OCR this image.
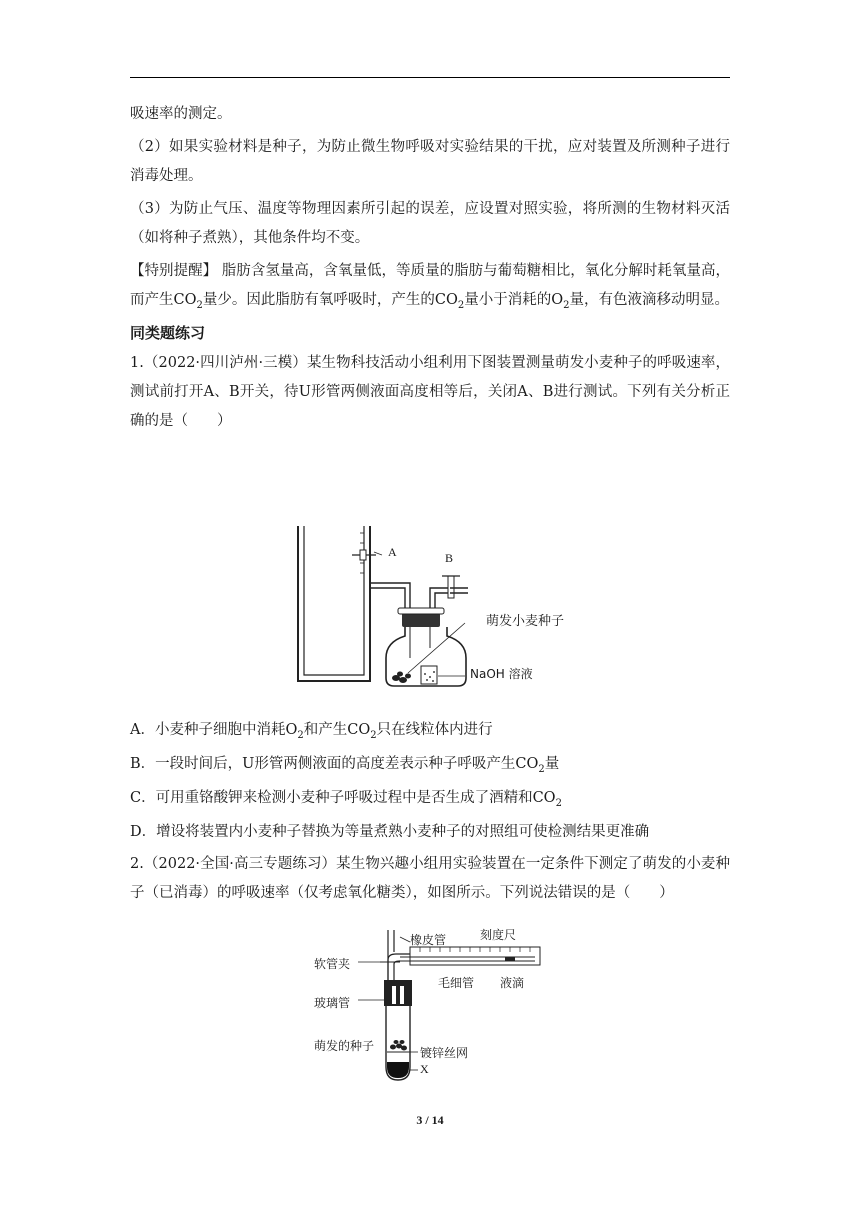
吸速率的测定。

（2）如果实验材料是种子，为防止微生物呼吸对实验结果的干扰，应对装置及所测种子进行消毒处理。

（3）为防止气压、温度等物理因素所引起的误差，应设置对照实验，将所测的生物材料灭活（如将种子煮熟），其他条件均不变。

【特别提醒】 脂肪含氢量高，含氧量低，等质量的脂肪与葡萄糖相比，氧化分解时耗氧量高，而产生$CO_2$量少。因此脂肪有氧呼吸时，产生的$CO_2$量小于消耗的$O_2$量，有色液滴移动明显。

同类题练习

1.（2022·四川泸州·三模）某生物科技活动小组利用下图装置测量萌发小麦种子的呼吸速率，测试前打开A、B开关，待U形管两侧液面高度相等后，关闭A、B进行测试。下列有关分析正确的是（　　）

A	B
萌发小麦种子
NaOH 溶液
A．小麦种子细胞中消耗$O_2$和产生$CO_2$只在线粒体内进行
B．一段时间后，U形管两侧液面的高度差表示种子呼吸产生$CO_2$量
C．可用重铬酸钾来检测小麦种子呼吸过程中是否生成了酒精和$CO_2$
D．增设将装置内小麦种子替换为等量煮熟小麦种子的对照组可使检测结果更准确

2.（2022·全国·高三专题练习）某生物兴趣小组用实验装置在一定条件下测定了萌发的小麦种子（已消毒）的呼吸速率（仅考虑氧化糖类），如图所示。下列说法错误的是（　　）

橡皮管	刻度尺
软管夹
毛细管 液滴
玻璃管
萌发的种子	镀锌丝网
X
3 / 14
